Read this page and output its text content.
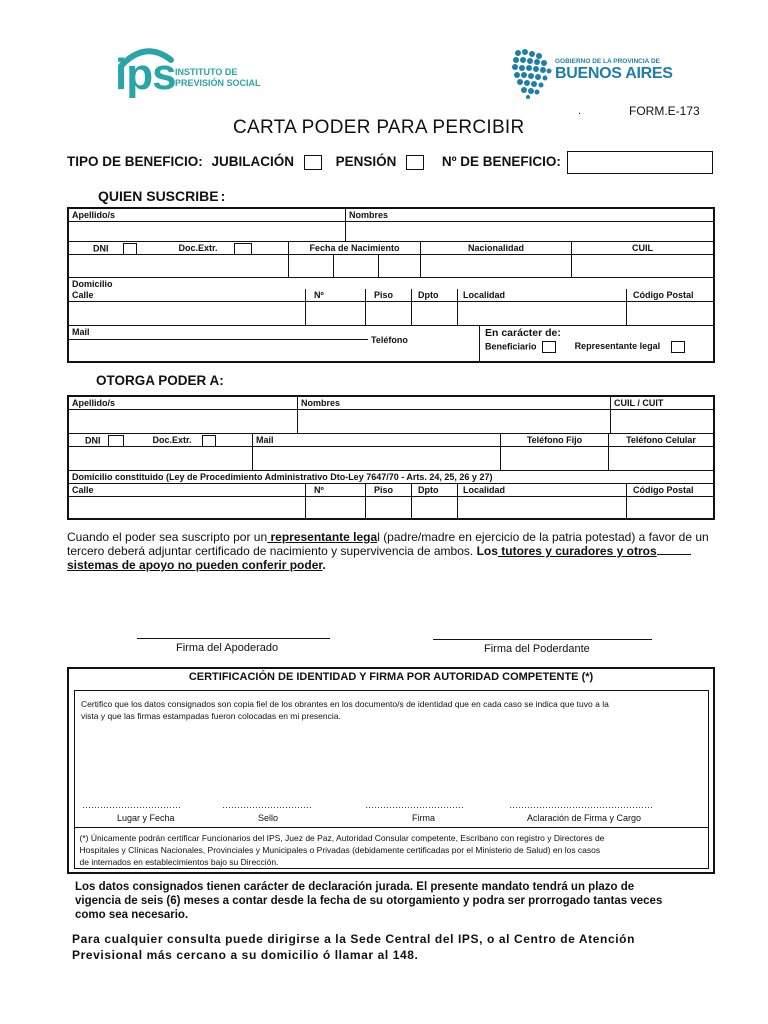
ips INSTITUTO DE
PREVISIÓN SOCIAL
GOBIERNO DE LA PROVINCIA DE
BUENOS AIRES
.	FORM.E-173
CARTA PODER PARA PERCIBIR
TIPO DE BENEFICIO: JUBILACIÓN	PENSIÓN	Nº DE BENEFICIO:
QUIEN SUSCRIBE :
Apellido/s	Nombres
DNI	Doc.Extr.	Fecha de Nacimiento	Nacionalidad	CUIL
Domicilio
Calle	Nº	Piso	Dpto	Localidad	Código Postal
Mail
Teléfono
En carácter de:
Beneficiario	Representante legal
OTORGA PODER A:
Apellido/s	Nombres	CUIL / CUIT
DNI	Doc.Extr.	Mail	Teléfono Fijo	Teléfono Celular
Domicilio constituido (Ley de Procedimiento Administrativo Dto-Ley 7647/70 - Arts. 24, 25, 26 y 27)
Calle	Nº	Piso	Dpto	Localidad	Código Postal
Cuando el poder sea suscripto por un representante legal (padre/madre en ejercicio de la patria potestad) a favor de un
tercero deberá adjuntar certificado de nacimiento y supervivencia de ambos. Los tutores y curadores y otros
sistemas de apoyo no pueden conferir poder.
Firma del Apoderado	Firma del Poderdante
CERTIFICACIÓN DE IDENTIDAD Y FIRMA POR AUTORIDAD COMPETENTE (*)
Certifico que los datos consignados son copia fiel de los obrantes en los documento/s de identidad que en cada caso se indica que tuvo a la
vista y que las firmas estampadas fueron colocadas en mi presencia.
……………………………	…………………………	……………………………	…………………………………………
Lugar y Fecha	Sello	Firma	Aclaración de Firma y Cargo
(*) Únicamente podrán certificar Funcionarios del IPS, Juez de Paz, Autoridad Consular competente, Escribano con registro y Directores de
Hospitales y Clínicas Nacionales, Provinciales y Municipales o Privadas (debidamente certificadas por el Ministerio de Salud) en los casos
de internados en establecimientos bajo su Dirección.
Los datos consignados tienen carácter de declaración jurada. El presente mandato tendrá un plazo de
vigencia de seis (6) meses a contar desde la fecha de su otorgamiento y podra ser prorrogado tantas veces
como sea necesario.
Para cualquier consulta puede dirigirse a la Sede Central del IPS, o al Centro de Atención
Previsional más cercano a su domicilio ó llamar al 148.
